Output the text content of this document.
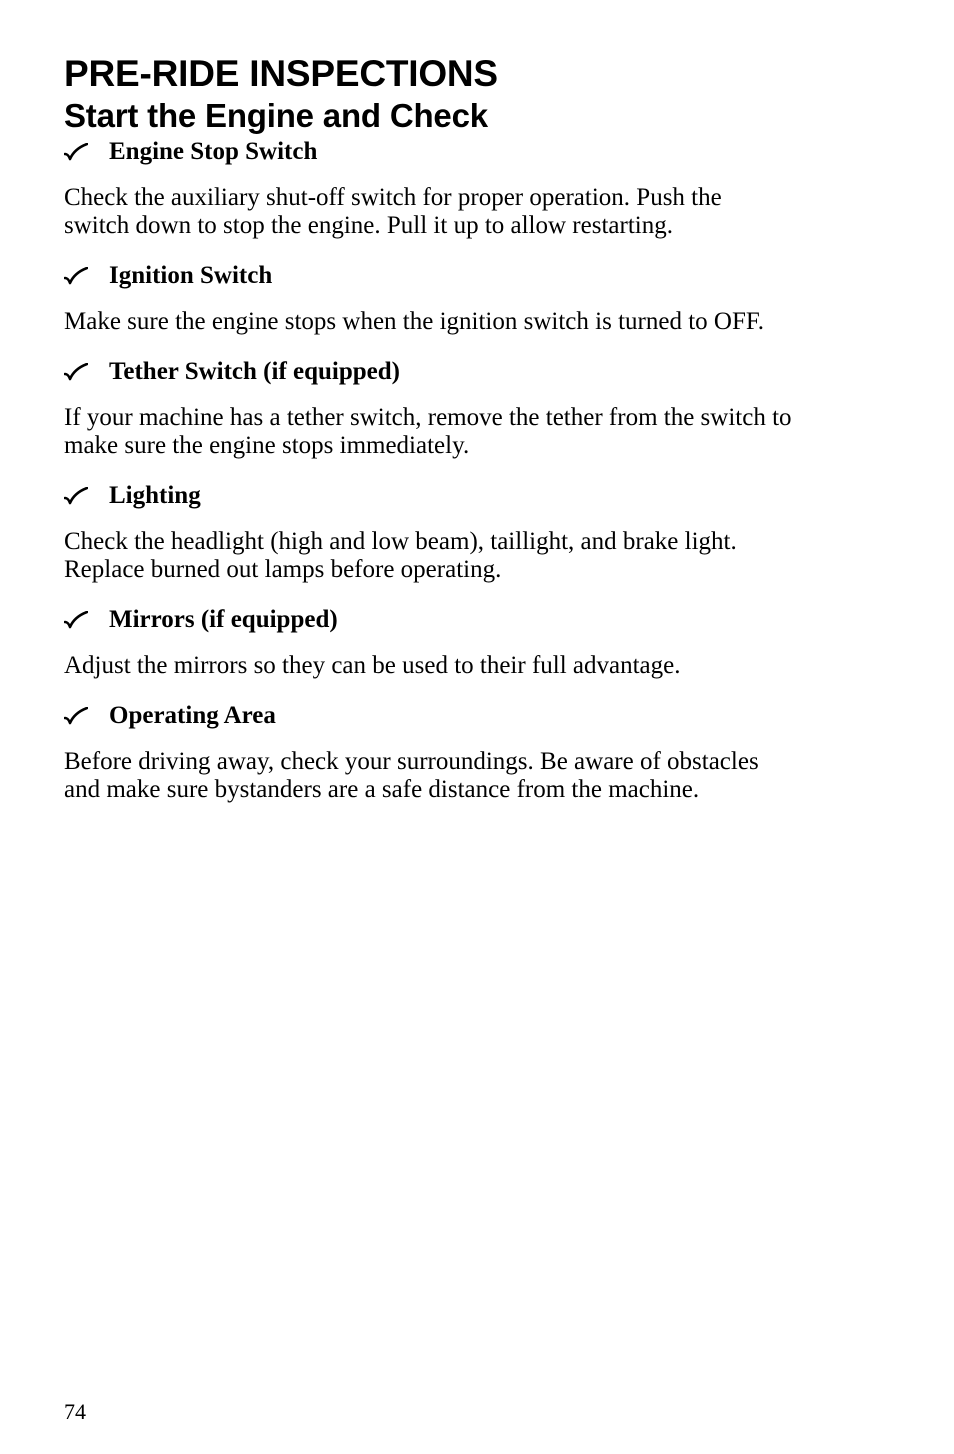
PRE-RIDE INSPECTIONS
Start the Engine and Check
Engine Stop Switch
Check the auxiliary shut-off switch for proper operation. Push the
switch down to stop the engine. Pull it up to allow restarting.
Ignition Switch
Make sure the engine stops when the ignition switch is turned to OFF.
Tether Switch (if equipped)
If your machine has a tether switch, remove the tether from the switch to
make sure the engine stops immediately.
Lighting
Check the headlight (high and low beam), taillight, and brake light.
Replace burned out lamps before operating.
Mirrors (if equipped)
Adjust the mirrors so they can be used to their full advantage.
Operating Area
Before driving away, check your surroundings. Be aware of obstacles
and make sure bystanders are a safe distance from the machine.
74
